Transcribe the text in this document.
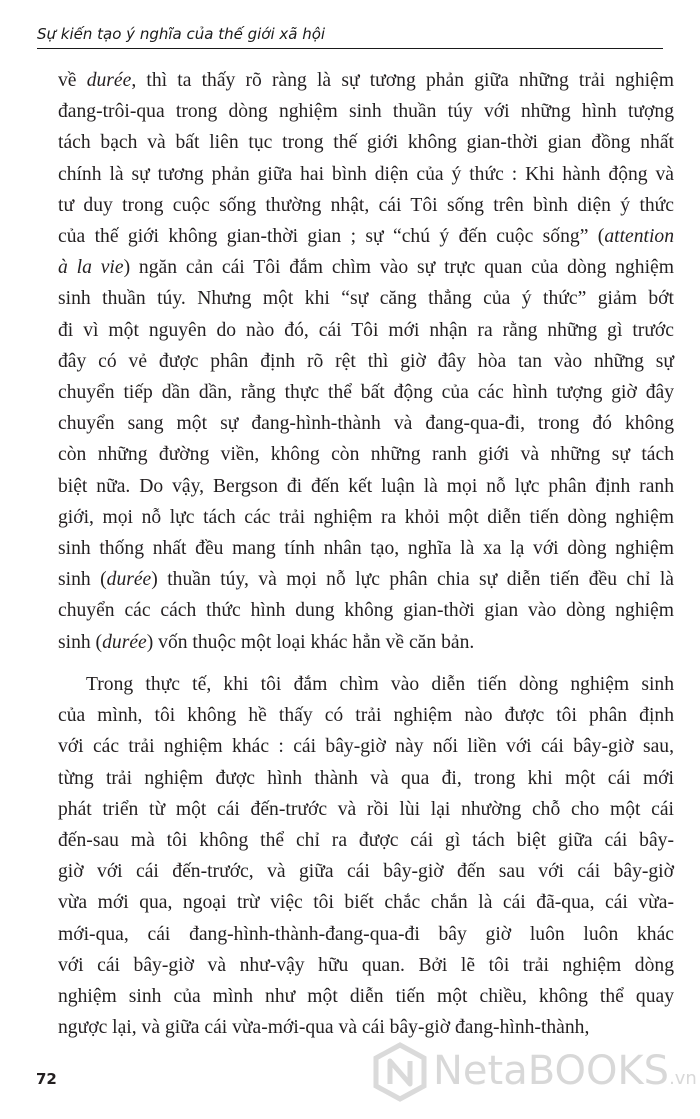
Sự kiến tạo ý nghĩa của thế giới xã hội
về durée, thì ta thấy rõ ràng là sự tương phản giữa những trải nghiệm
đang-trôi-qua trong dòng nghiệm sinh thuần túy với những hình tượng
tách bạch và bất liên tục trong thế giới không gian-thời gian đồng nhất
chính là sự tương phản giữa hai bình diện của ý thức : Khi hành động và
tư duy trong cuộc sống thường nhật, cái Tôi sống trên bình diện ý thức
của thế giới không gian-thời gian ; sự “chú ý đến cuộc sống” (attention
à la vie) ngăn cản cái Tôi đắm chìm vào sự trực quan của dòng nghiệm
sinh thuần túy. Nhưng một khi “sự căng thẳng của ý thức” giảm bớt
đi vì một nguyên do nào đó, cái Tôi mới nhận ra rằng những gì trước
đây có vẻ được phân định rõ rệt thì giờ đây hòa tan vào những sự
chuyển tiếp dần dần, rằng thực thể bất động của các hình tượng giờ đây
chuyển sang một sự đang-hình-thành và đang-qua-đi, trong đó không
còn những đường viền, không còn những ranh giới và những sự tách
biệt nữa. Do vậy, Bergson đi đến kết luận là mọi nỗ lực phân định ranh
giới, mọi nỗ lực tách các trải nghiệm ra khỏi một diễn tiến dòng nghiệm
sinh thống nhất đều mang tính nhân tạo, nghĩa là xa lạ với dòng nghiệm
sinh (durée) thuần túy, và mọi nỗ lực phân chia sự diễn tiến đều chỉ là
chuyển các cách thức hình dung không gian-thời gian vào dòng nghiệm
sinh (durée) vốn thuộc một loại khác hẳn về căn bản.
Trong thực tế, khi tôi đắm chìm vào diễn tiến dòng nghiệm sinh
của mình, tôi không hề thấy có trải nghiệm nào được tôi phân định
với các trải nghiệm khác : cái bây-giờ này nối liền với cái bây-giờ sau,
từng trải nghiệm được hình thành và qua đi, trong khi một cái mới
phát triển từ một cái đến-trước và rồi lùi lại nhường chỗ cho một cái
đến-sau mà tôi không thể chỉ ra được cái gì tách biệt giữa cái bây-
giờ với cái đến-trước, và giữa cái bây-giờ đến sau với cái bây-giờ
vừa mới qua, ngoại trừ việc tôi biết chắc chắn là cái đã-qua, cái vừa-
mới-qua, cái đang-hình-thành-đang-qua-đi bây giờ luôn luôn khác
với cái bây-giờ và như-vậy hữu quan. Bởi lẽ tôi trải nghiệm dòng
nghiệm sinh của mình như một diễn tiến một chiều, không thể quay
ngược lại, và giữa cái vừa-mới-qua và cái bây-giờ đang-hình-thành,
72	NetaBOOKS.vn
